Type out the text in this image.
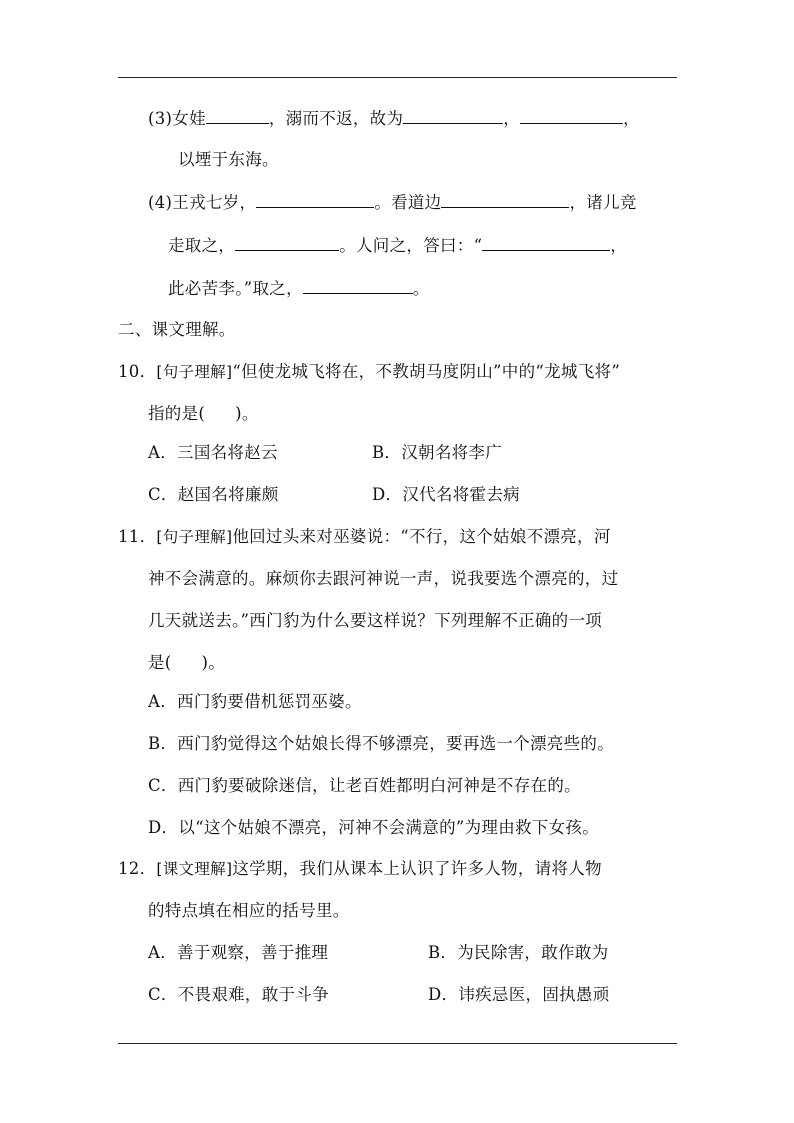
(3)女娃	，溺而不返，故为	，	，
以堙于东海。
(4)王戎七岁，	。看道边	，诸儿竞
走取之，	。人问之，答曰：“	，
此必苦李。”取之，	。
二、课文理解。
10．[句子理解]“但使龙城飞将在，不教胡马度阴山”中的“龙城飞将”
指的是( )。
A．三国名将赵云	B．汉朝名将李广
C．赵国名将廉颇	D．汉代名将霍去病
11．[句子理解]他回过头来对巫婆说：“不行，这个姑娘不漂亮，河
神不会满意的。麻烦你去跟河神说一声，说我要选个漂亮的，过
几天就送去。”西门豹为什么要这样说？下列理解不正确的一项
是( )。
A．西门豹要借机惩罚巫婆。
B．西门豹觉得这个姑娘长得不够漂亮，要再选一个漂亮些的。
C．西门豹要破除迷信，让老百姓都明白河神是不存在的。
D．以“这个姑娘不漂亮，河神不会满意的”为理由救下女孩。
12．[课文理解]这学期，我们从课本上认识了许多人物，请将人物
的特点填在相应的括号里。
A．善于观察，善于推理	B．为民除害，敢作敢为
C．不畏艰难，敢于斗争	D．讳疾忌医，固执愚顽
